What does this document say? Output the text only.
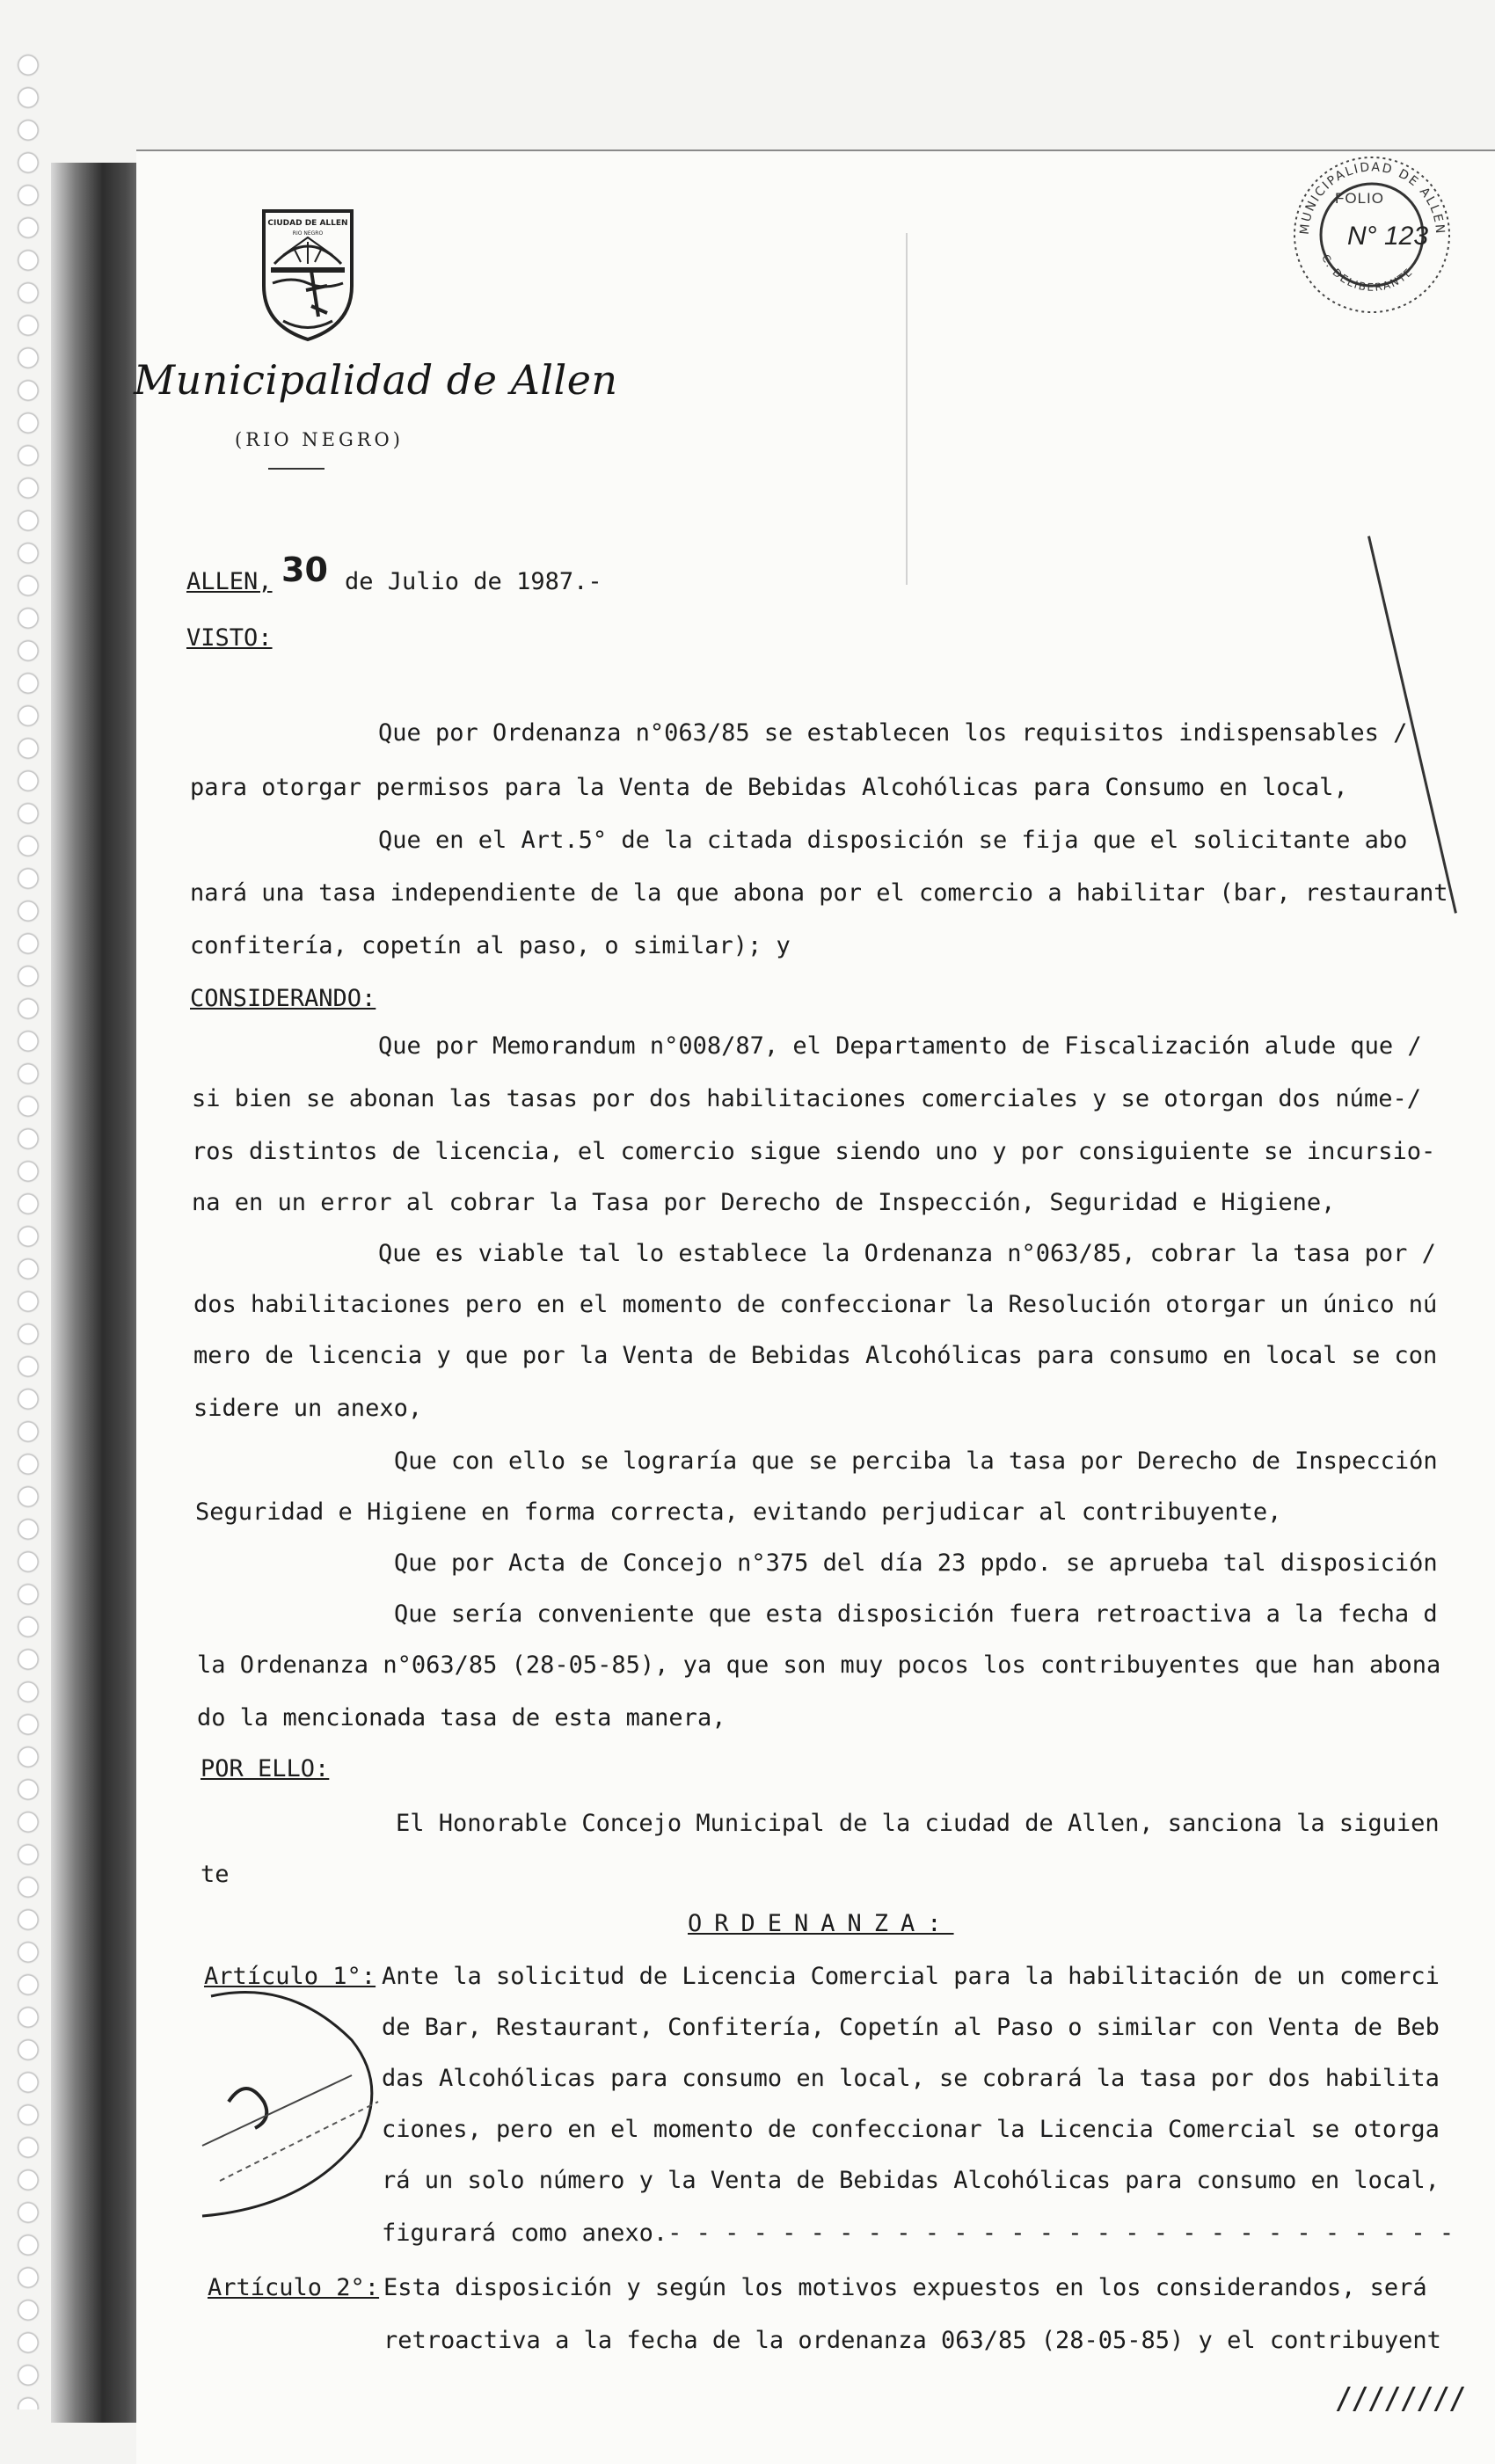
CIUDAD DE ALLEN
RIO NEGRO
Municipalidad de Allen
(RIO NEGRO)
MUNICIPALIDAD DE ALLEN
C. DELIBERANTE
FOLIO
N° 123
ALLEN, 30 de Julio de 1987.-
VISTO:
Que por Ordenanza n°063/85 se establecen los requisitos indispensables /
para otorgar permisos para la Venta de Bebidas Alcohólicas para Consumo en local,
Que en el Art.5° de la citada disposición se fija que el solicitante abo
nará una tasa independiente de la que abona por el comercio a habilitar (bar, restaurant
confitería, copetín al paso, o similar); y
CONSIDERANDO:
Que por Memorandum n°008/87, el Departamento de Fiscalización alude que /
si bien se abonan las tasas por dos habilitaciones comerciales y se otorgan dos núme-/
ros distintos de licencia, el comercio sigue siendo uno y por consiguiente se incursio-
na en un error al cobrar la Tasa por Derecho de Inspección, Seguridad e Higiene,
Que es viable tal lo establece la Ordenanza n°063/85, cobrar la tasa por /
dos habilitaciones pero en el momento de confeccionar la Resolución otorgar un único nú
mero de licencia y que por la Venta de Bebidas Alcohólicas para consumo en local se con
sidere un anexo,
Que con ello se lograría que se perciba la tasa por Derecho de Inspección
Seguridad e Higiene en forma correcta, evitando perjudicar al contribuyente,
Que por Acta de Concejo n°375 del día 23 ppdo. se aprueba tal disposición
Que sería conveniente que esta disposición fuera retroactiva a la fecha d
la Ordenanza n°063/85 (28-05-85), ya que son muy pocos los contribuyentes que han abona
do la mencionada tasa de esta manera,
POR ELLO:
El Honorable Concejo Municipal de la ciudad de Allen, sanciona la siguien
te
ORDENANZA:
Artículo 1°: Ante la solicitud de Licencia Comercial para la habilitación de un comerci
de Bar, Restaurant, Confitería, Copetín al Paso o similar con Venta de Beb
das Alcohólicas para consumo en local, se cobrará la tasa por dos habilita
ciones, pero en el momento de confeccionar la Licencia Comercial se otorga
rá un solo número y la Venta de Bebidas Alcohólicas para consumo en local,
figurará como anexo.- - - - - - - - - - - - - - - - - - - - - - - - - - - -
Artículo 2°: Esta disposición y según los motivos expuestos en los considerandos, será
retroactiva a la fecha de la ordenanza 063/85 (28-05-85) y el contribuyent
////////
